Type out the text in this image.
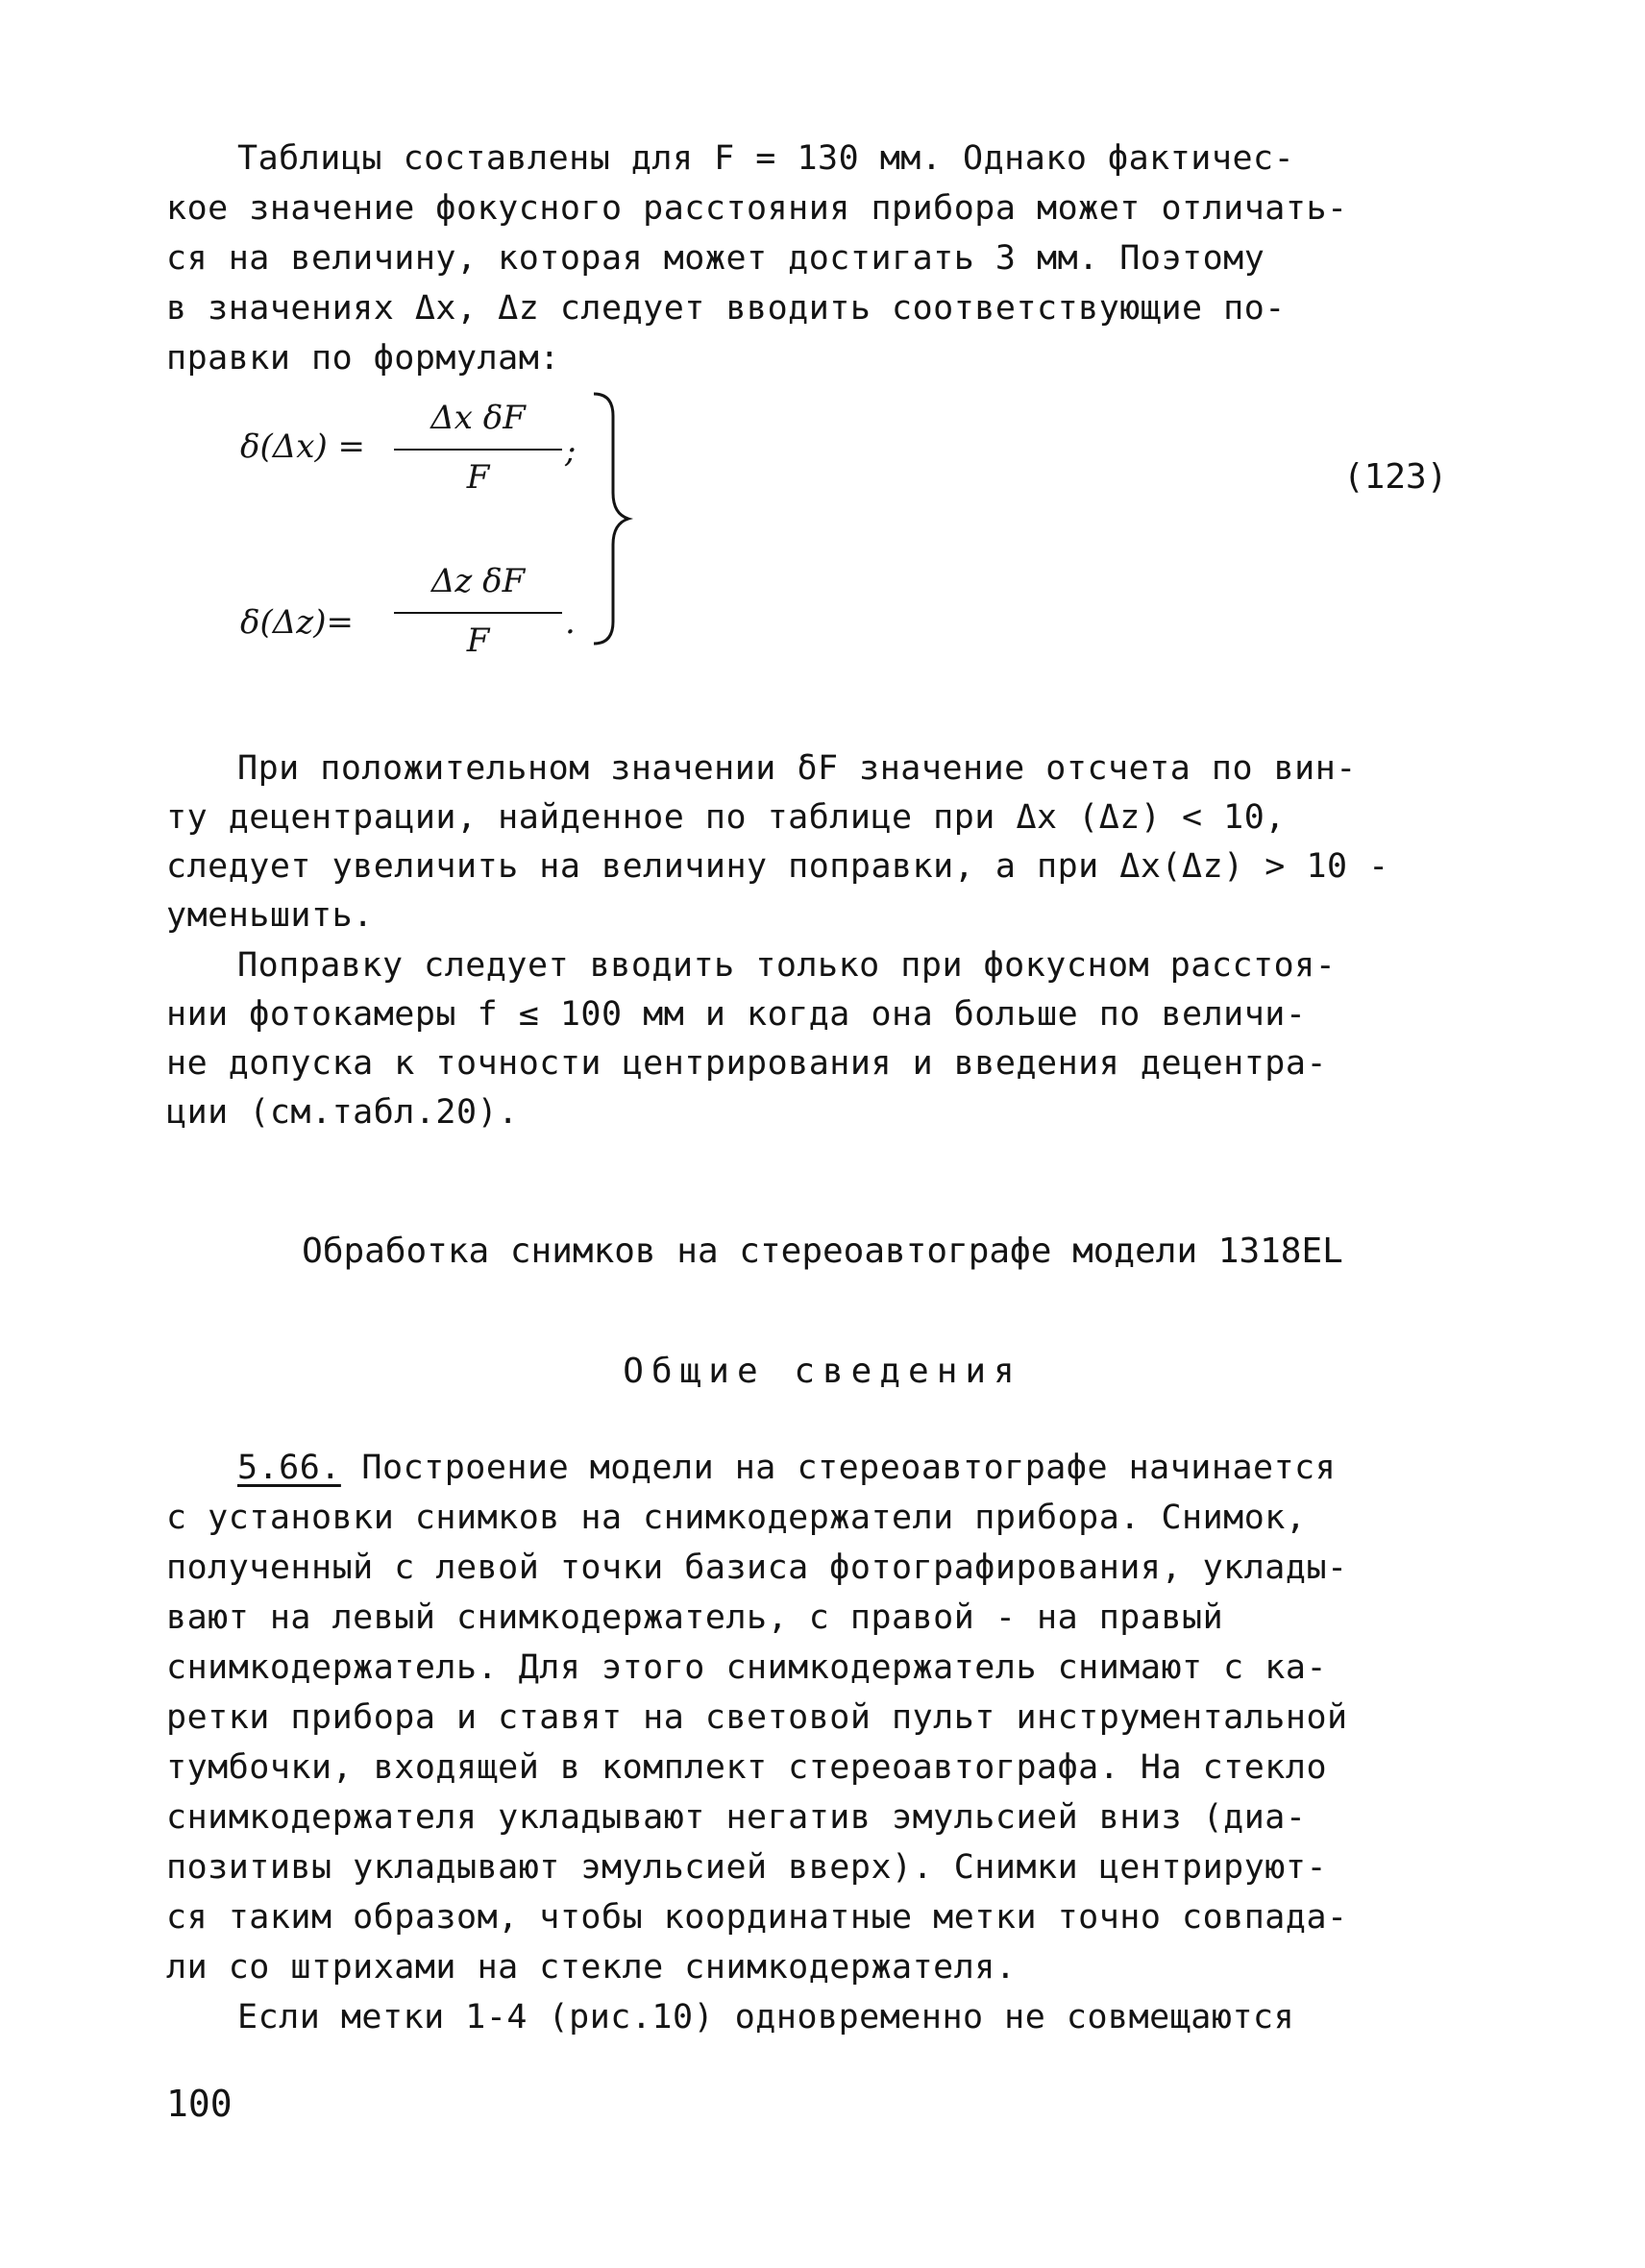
Таблицы составлены для F = 130 мм. Однако фактичес-
кое значение фокусного расстояния прибора может отличать-
ся на величину, которая может достигать 3 мм. Поэтому
в значениях Δx, Δz следует вводить соответствующие по-
правки по формулам:
δ(Δx) =
Δx δF
F
;
δ(Δz)=
Δz δF
F	.
(123)
При положительном значении δF значение отсчета по вин-
ту децентрации, найденное по таблице при Δx (Δz) < 10,
следует увеличить на величину поправки, а при Δx(Δz) > 10 -
уменьшить.
Поправку следует вводить только при фокусном расстоя-
нии фотокамеры f ≤ 100 мм и когда она больше по величи-
не допуска к точности центрирования и введения децентра-
ции (см.табл.20).
Обработка снимков на стереоавтографе модели 1318EL
Общие сведения
5.66. Построение модели на стереоавтографе начинается
с установки снимков на снимкодержатели прибора. Снимок,
полученный с левой точки базиса фотографирования, уклады-
вают на левый снимкодержатель, с правой - на правый
снимкодержатель. Для этого снимкодержатель снимают с ка-
ретки прибора и ставят на световой пульт инструментальной
тумбочки, входящей в комплект стереоавтографа. На стекло
снимкодержателя укладывают негатив эмульсией вниз (диа-
позитивы укладывают эмульсией вверх). Снимки центрируют-
ся таким образом, чтобы координатные метки точно совпада-
ли со штрихами на стекле снимкодержателя.
Если метки 1-4 (рис.10) одновременно не совмещаются
100
